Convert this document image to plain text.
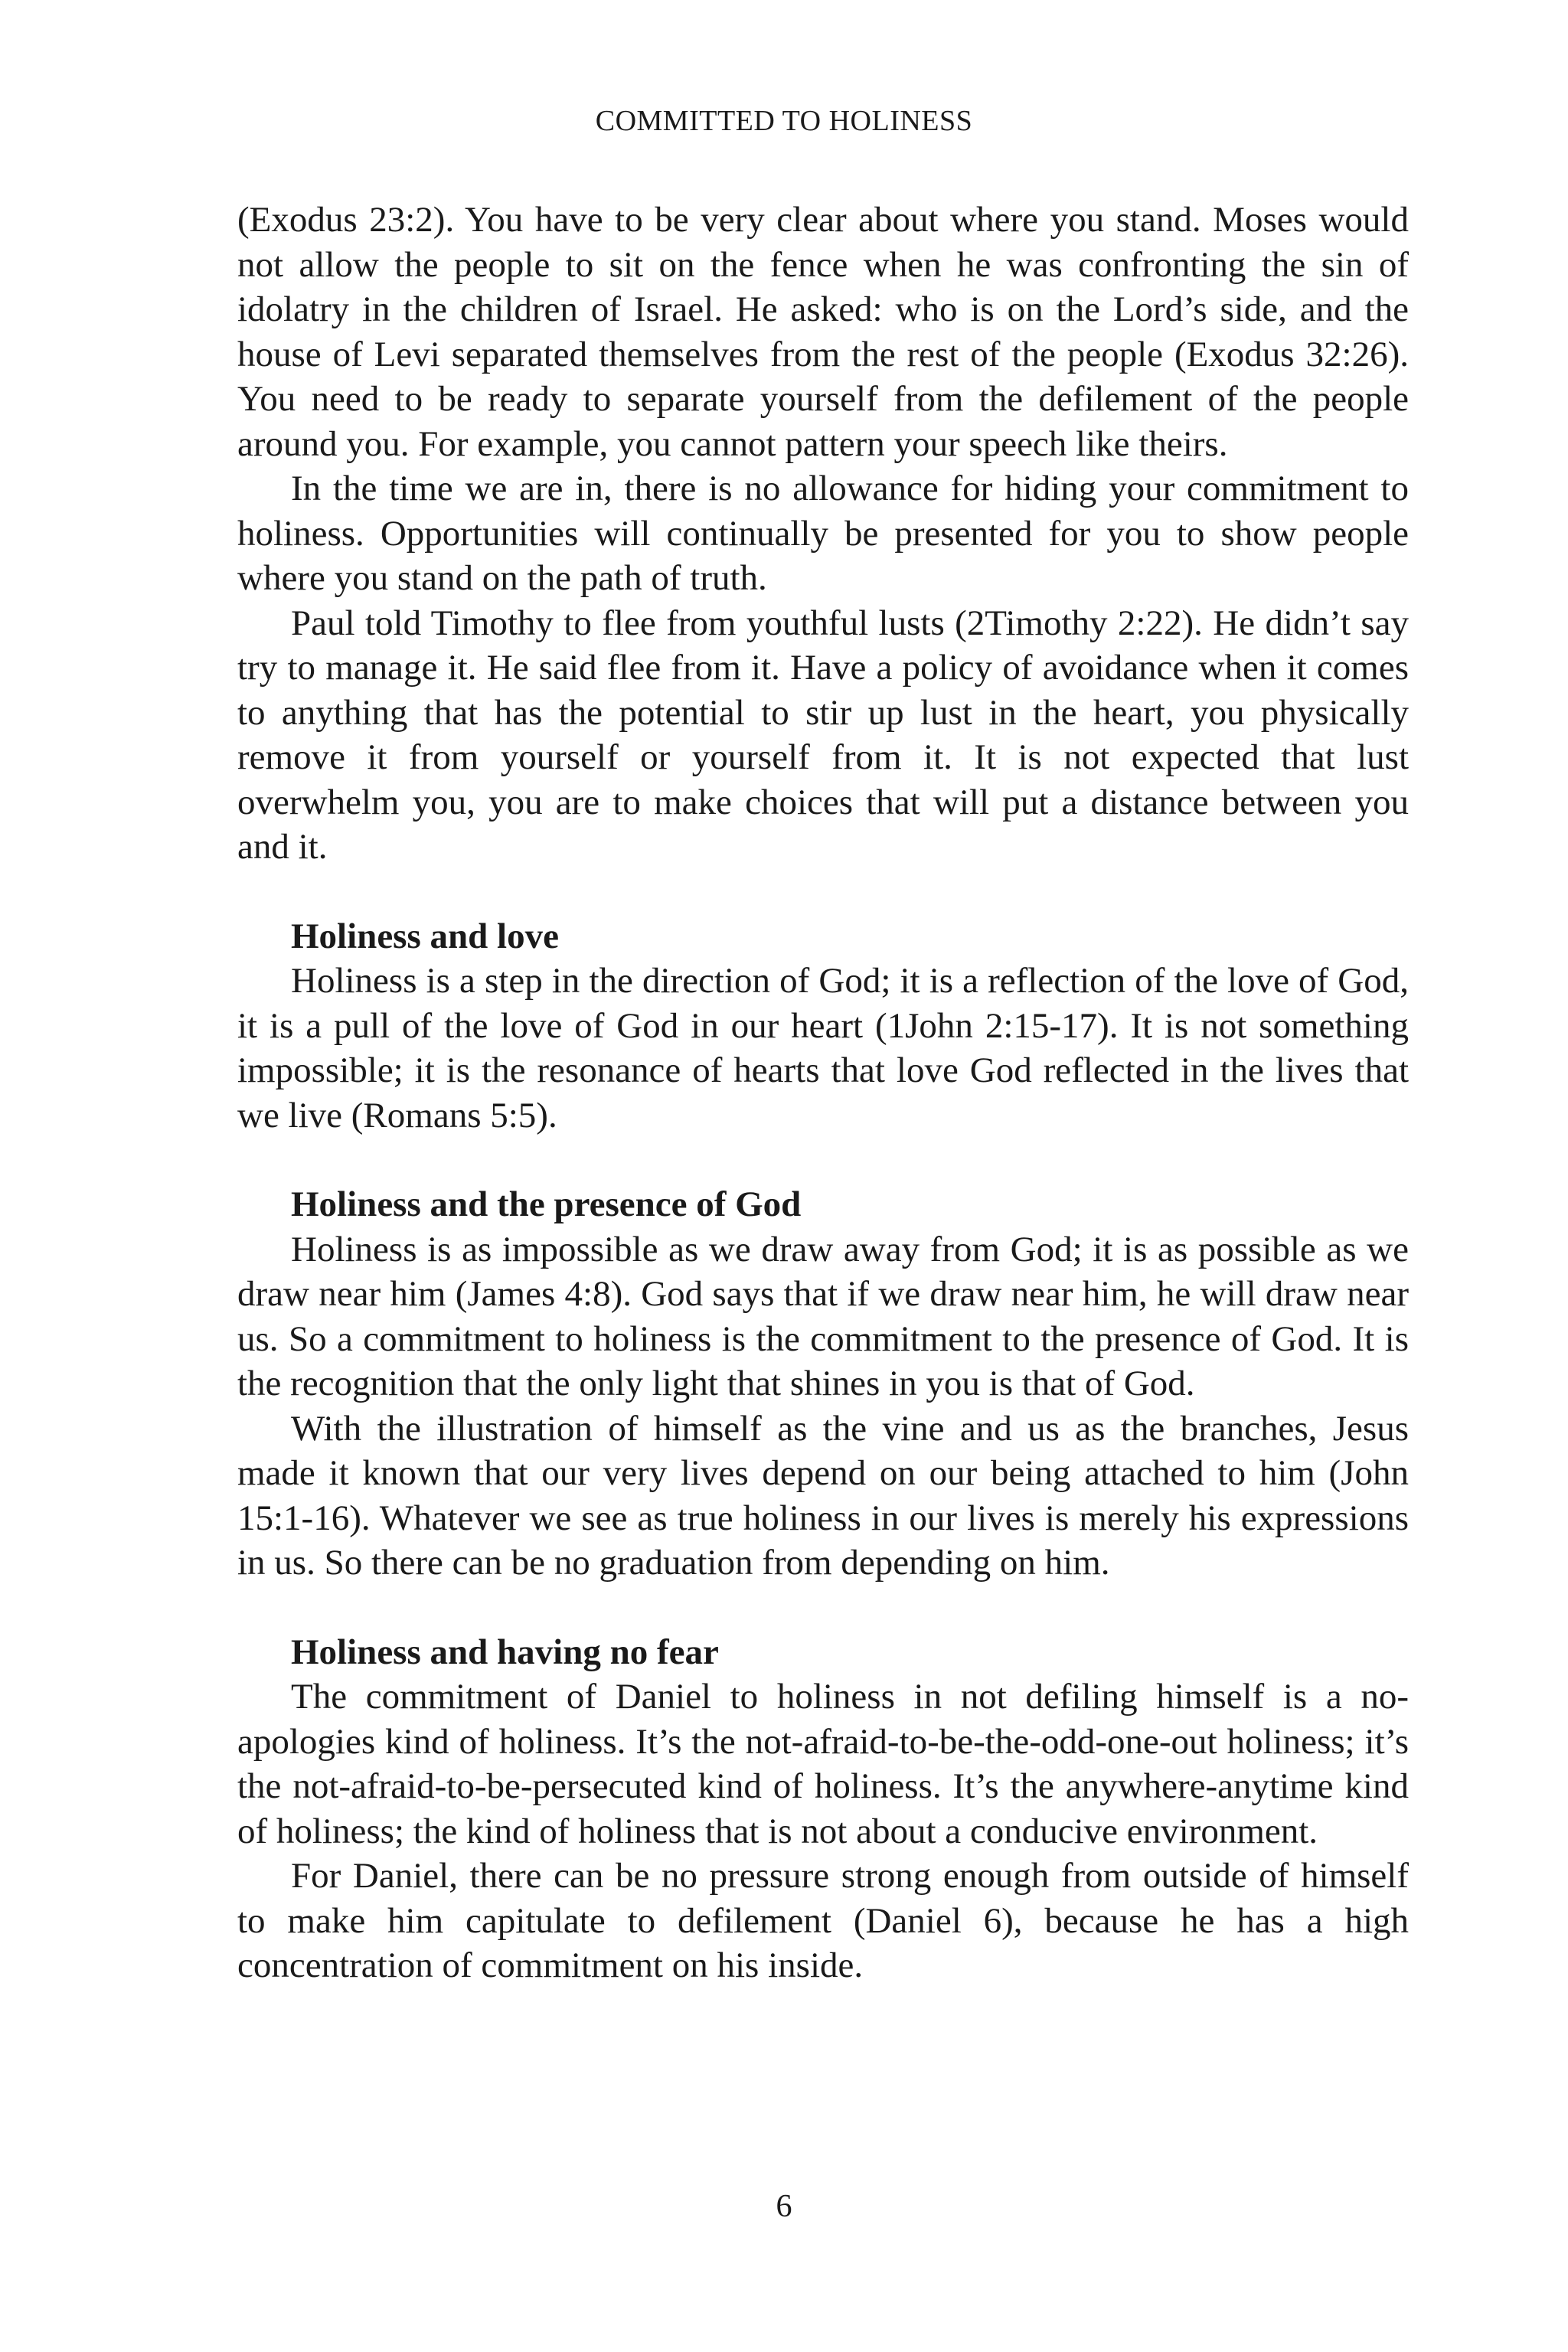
COMMITTED TO HOLINESS

(Exodus 23:2). You have to be very clear about where you stand. Moses would not allow the people to sit on the fence when he was confronting the sin of idolatry in the children of Israel. He asked: who is on the Lord’s side, and the house of Levi separated themselves from the rest of the people (Exodus 32:26). You need to be ready to separate yourself from the defilement of the people around you. For example, you cannot pattern your speech like theirs.

In the time we are in, there is no allowance for hiding your commitment to holiness. Opportunities will continually be presented for you to show people where you stand on the path of truth.

Paul told Timothy to flee from youthful lusts (2Timothy 2:22). He didn’t say try to manage it. He said flee from it. Have a policy of avoidance when it comes to anything that has the potential to stir up lust in the heart, you physically remove it from yourself or yourself from it. It is not expected that lust overwhelm you, you are to make choices that will put a distance between you and it.

Holiness and love

Holiness is a step in the direction of God; it is a reflection of the love of God, it is a pull of the love of God in our heart (1John 2:15-17). It is not something impossible; it is the resonance of hearts that love God reflected in the lives that we live (Romans 5:5).

Holiness and the presence of God

Holiness is as impossible as we draw away from God; it is as possible as we draw near him (James 4:8). God says that if we draw near him, he will draw near us. So a commitment to holiness is the commitment to the presence of God. It is the recognition that the only light that shines in you is that of God.

With the illustration of himself as the vine and us as the branches, Jesus made it known that our very lives depend on our being attached to him (John 15:1-16). Whatever we see as true holiness in our lives is merely his expressions in us. So there can be no graduation from depending on him.

Holiness and having no fear

The commitment of Daniel to holiness in not defiling himself is a no-apologies kind of holiness. It’s the not-afraid-to-be-the-odd-one-out holiness; it’s the not-afraid-to-be-persecuted kind of holiness. It’s the anywhere-anytime kind of holiness; the kind of holiness that is not about a conducive environment.

For Daniel, there can be no pressure strong enough from outside of himself to make him capitulate to defilement (Daniel 6), because he has a high concentration of commitment on his inside.

6
